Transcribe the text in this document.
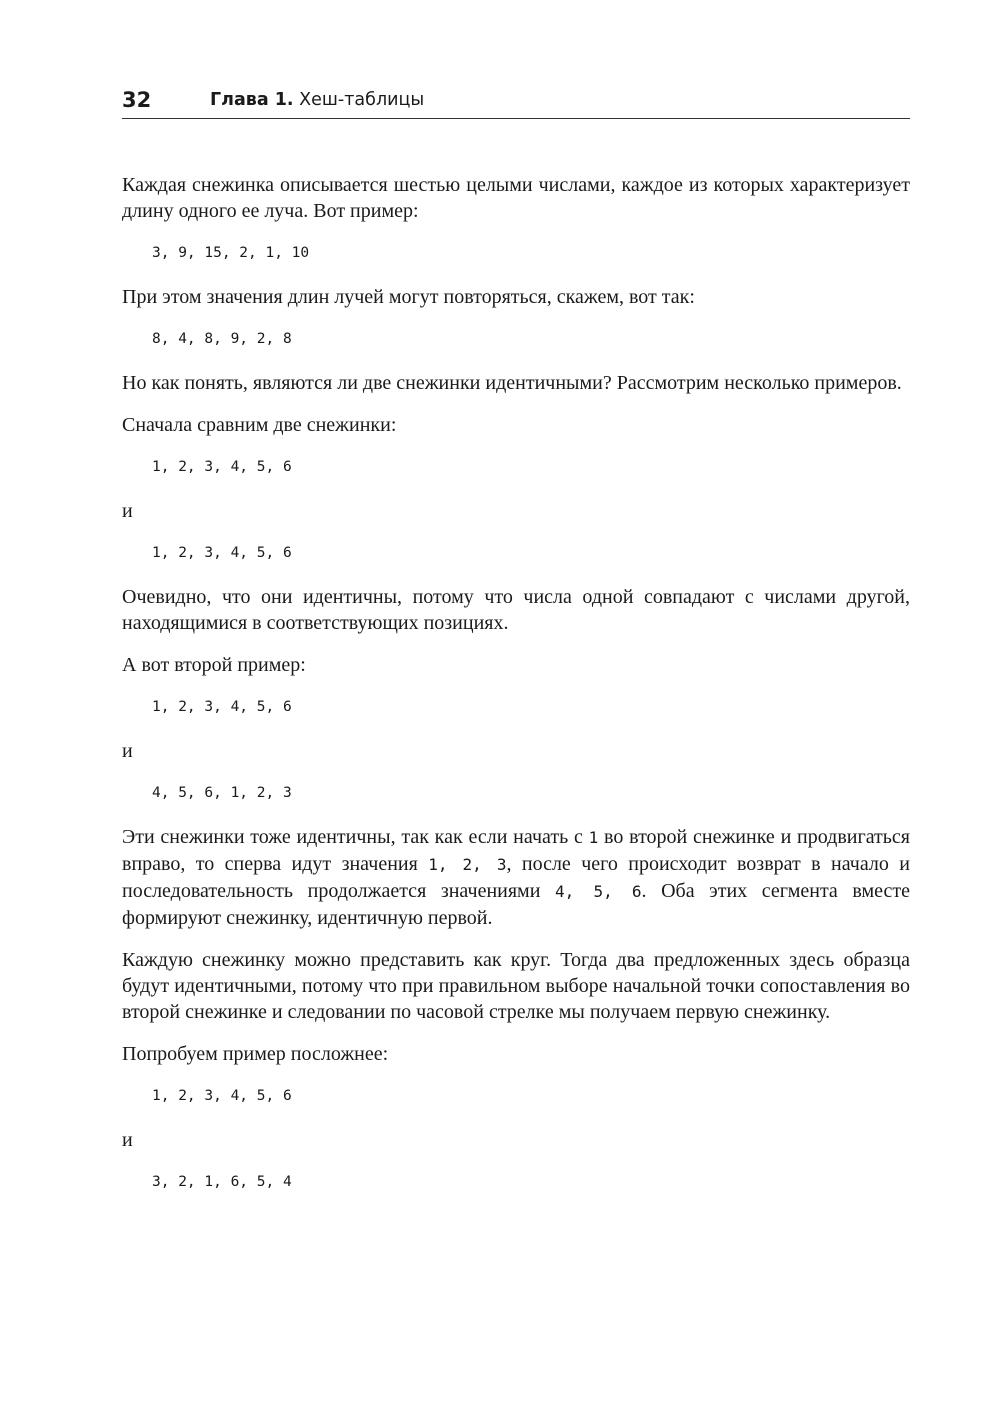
32	Глава 1. Хеш-таблицы

Каждая снежинка описывается шестью целыми числами, каждое из которых характеризует длину одного ее луча. Вот пример:

3, 9, 15, 2, 1, 10

При этом значения длин лучей могут повторяться, скажем, вот так:

8, 4, 8, 9, 2, 8

Но как понять, являются ли две снежинки идентичными? Рассмотрим несколько примеров.

Сначала сравним две снежинки:

1, 2, 3, 4, 5, 6

и

1, 2, 3, 4, 5, 6

Очевидно, что они идентичны, потому что числа одной совпадают с числами другой, находящимися в соответствующих позициях.

А вот второй пример:

1, 2, 3, 4, 5, 6

и

4, 5, 6, 1, 2, 3

Эти снежинки тоже идентичны, так как если начать с 1 во второй снежинке и продвигаться вправо, то сперва идут значения 1, 2, 3, после чего происходит возврат в начало и последовательность продолжается значениями 4, 5, 6. Оба этих сегмента вместе формируют снежинку, идентичную первой.

Каждую снежинку можно представить как круг. Тогда два предложенных здесь образца будут идентичными, потому что при правильном выборе начальной точки сопоставления во второй снежинке и следовании по часовой стрелке мы получаем первую снежинку.

Попробуем пример посложнее:

1, 2, 3, 4, 5, 6

и

3, 2, 1, 6, 5, 4
